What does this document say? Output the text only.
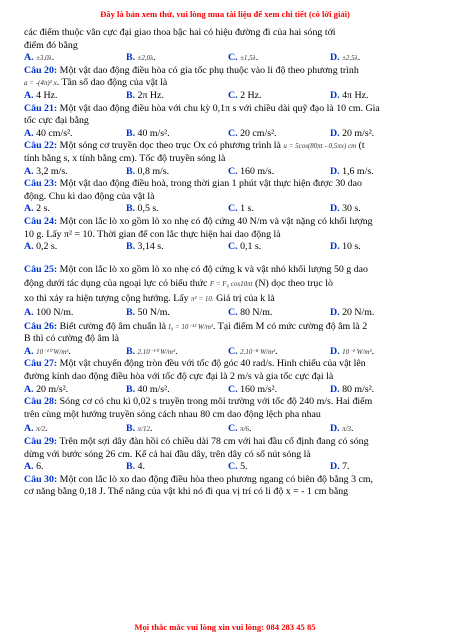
Đây là bản xem thử, vui lòng mua tài liệu để xem chi tiết (có lời giải)

các điểm thuộc vân cực đại giao thoa bậc hai có hiệu đường đi của hai sóng tới

điểm đó bằng

A. ±3,0λ.	B. ±2,0λ.	C. ±1,5λ.	D. ±2,5λ.

Câu 20: Một vật dao động điều hòa có gia tốc phụ thuộc vào li độ theo phương trình

a = -(4π)² x. Tần số dao động của vật là

A. 4 Hz.	B. 2π Hz.	C. 2 Hz.	D. 4π Hz.

Câu 21: Một vật dao động điều hòa với chu kỳ 0,1π s với chiều dài quỹ đạo là 10 cm. Gia

tốc cực đại bằng

A. 40 cm/s².	B. 40 m/s².	C. 20 cm/s².	D. 20 m/s².

Câu 22: Một sóng cơ truyền dọc theo trục Ox có phương trình là u = 5cos(80πt - 0,5πx) cm (t

tính bằng s, x tính bằng cm). Tốc độ truyền sóng là

A. 3,2 m/s.	B. 0,8 m/s.	C. 160 m/s.	D. 1,6 m/s.

Câu 23: Một vật dao động điều hoà, trong thời gian 1 phút vật thực hiện được 30 dao

động. Chu kì dao động của vật là

A. 2 s.	B. 0,5 s.	C. 1 s.	D. 30 s.

Câu 24: Một con lắc lò xo gồm lò xo nhẹ có độ cứng 40 N/m và vật nặng có khối lượng

10 g. Lấy π² = 10. Thời gian để con lắc thực hiện hai dao động là

A. 0,2 s.	B. 3,14 s.	C. 0,1 s.	D. 10 s.

Câu 25: Một con lắc lò xo gồm lò xo nhẹ có độ cứng k và vật nhỏ khối lượng 50 g dao

động dưới tác dụng của ngoại lực có biểu thức F = F₀ cos10πt (N) dọc theo trục lò

xo thì xảy ra hiện tượng cộng hưởng. Lấy π² = 10. Giá trị của k là

A. 100 N/m.	B. 50 N/m.	C. 80 N/m.	D. 20 N/m.

Câu 26: Biết cường độ âm chuẩn là I₀ = 10⁻¹² W/m². Tại điểm M có mức cường độ âm là 2

B thì có cường độ âm là

A. 10⁻¹⁰ W/m².	B. 2.10⁻¹⁰ W/m².	C. 2.10⁻⁸ W/m².	D. 10⁻² W/m².

Câu 27: Một vật chuyển động tròn đều với tốc độ góc 40 rad/s. Hình chiếu của vật lên

đường kính dao động điều hòa với tốc độ cực đại là 2 m/s và gia tốc cực đại là

A. 20 m/s².	B. 40 m/s².	C. 160 m/s².	D. 80 m/s².

Câu 28: Sóng cơ có chu kì 0,02 s truyền trong môi trường với tốc độ 240 m/s. Hai điểm

trên cùng một hướng truyền sóng cách nhau 80 cm dao động lệch pha nhau

A. π/2.	B. π/12.	C. π/6.	D. π/3.

Câu 29: Trên một sợi dây đàn hồi có chiều dài 78 cm với hai đầu cố định đang có sóng

dừng với bước sóng 26 cm. Kể cả hai đầu dây, trên dây có số nút sóng là

A. 6.	B. 4.	C. 5.	D. 7.

Câu 30: Một con lắc lò xo dao động điều hòa theo phương ngang có biên độ bằng 3 cm,

cơ năng bằng 0,18 J. Thế năng của vật khi nó đi qua vị trí có li độ x = - 1 cm bằng

Mọi thắc mắc vui lòng xin vui lòng: 084 283 45 85
